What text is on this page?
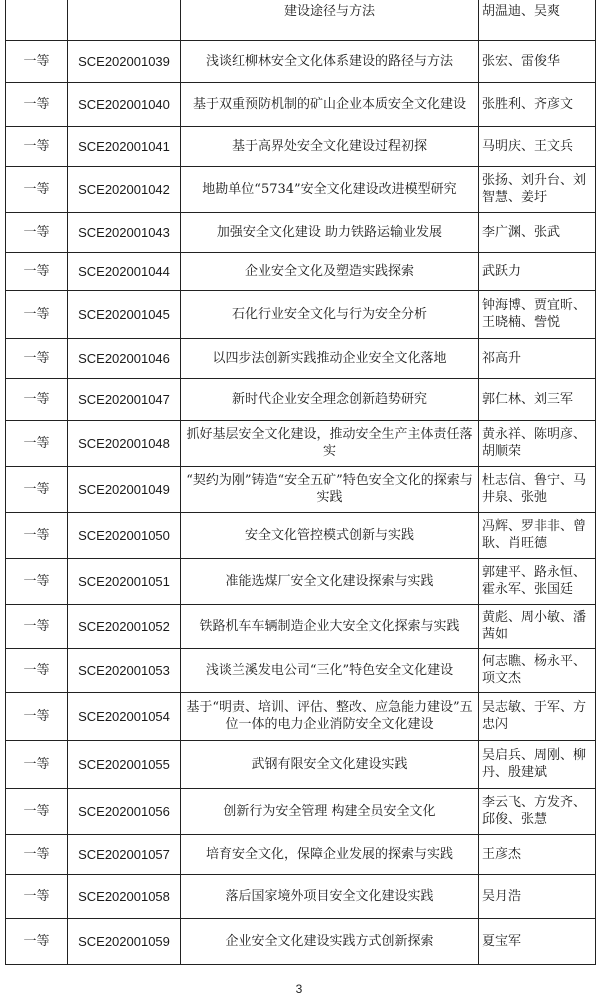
		建设途径与方法	胡温迪、吴爽
一等	SCE202001039	浅谈红柳林安全文化体系建设的路径与方法	张宏、雷俊华
一等	SCE202001040	基于双重预防机制的矿山企业本质安全文化建设	张胜利、齐彦文
一等	SCE202001041	基于高界处安全文化建设过程初探	马明庆、王文兵
一等	SCE202001042	地勘单位“5734”安全文化建设改进模型研究	张扬、刘升台、刘智慧、姜圩
一等	SCE202001043	加强安全文化建设 助力铁路运输业发展	李广渊、张武
一等	SCE202001044	企业安全文化及塑造实践探索	武跃力
一等	SCE202001045	石化行业安全文化与行为安全分析	钟海博、贾宜昕、王晓楠、訾悦
一等	SCE202001046	以四步法创新实践推动企业安全文化落地	祁高升
一等	SCE202001047	新时代企业安全理念创新趋势研究	郭仁林、刘三军
一等	SCE202001048	抓好基层安全文化建设，推动安全生产主体责任落实	黄永祥、陈明彦、胡顺荣
一等	SCE202001049	“契约为刚”铸造“安全五矿”特色安全文化的探索与实践	杜志信、鲁宁、马井泉、张弛
一等	SCE202001050	安全文化管控模式创新与实践	冯辉、罗非非、曾耿、肖旺德
一等	SCE202001051	准能选煤厂安全文化建设探索与实践	郭建平、路永恒、霍永军、张国廷
一等	SCE202001052	铁路机车车辆制造企业大安全文化探索与实践	黄彪、周小敏、潘茜如
一等	SCE202001053	浅谈兰溪发电公司“三化”特色安全文化建设	何志瞧、杨永平、项文杰
一等	SCE202001054	基于“明责、培训、评估、整改、应急能力建设”五位一体的电力企业消防安全文化建设	吴志敏、于军、方忠闪
一等	SCE202001055	武钢有限安全文化建设实践	吴启兵、周刚、柳丹、殷建斌
一等	SCE202001056	创新行为安全管理 构建全员安全文化	李云飞、方发齐、邱俊、张慧
一等	SCE202001057	培育安全文化，保障企业发展的探索与实践	王彦杰
一等	SCE202001058	落后国家境外项目安全文化建设实践	吴月浩
一等	SCE202001059	企业安全文化建设实践方式创新探索	夏宝军
3
